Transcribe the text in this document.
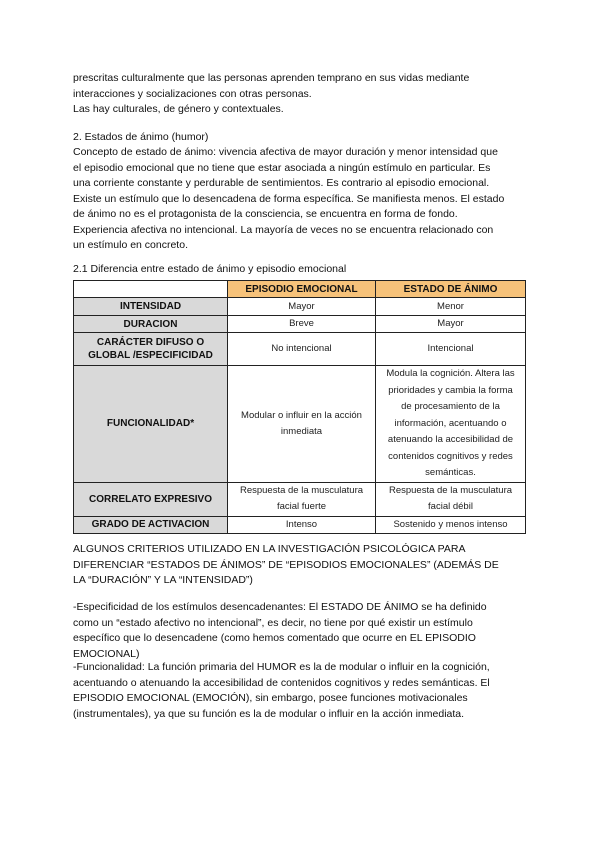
prescritas culturalmente que las personas aprenden temprano en sus vidas mediante
interacciones y socializaciones con otras personas.
Las hay culturales, de género y contextuales.
2. Estados de ánimo (humor)
Concepto de estado de ánimo: vivencia afectiva de mayor duración y menor intensidad que
el episodio emocional que no tiene que estar asociada a ningún estímulo en particular. Es
una corriente constante y perdurable de sentimientos. Es contrario al episodio emocional.
Existe un estímulo que lo desencadena de forma específica. Se manifiesta menos. El estado
de ánimo no es el protagonista de la consciencia, se encuentra en forma de fondo.
Experiencia afectiva no intencional. La mayoría de veces no se encuentra relacionado con
un estímulo en concreto.
2.1 Diferencia entre estado de ánimo y episodio emocional
	EPISODIO EMOCIONAL	ESTADO DE ÁNIMO
INTENSIDAD	Mayor	Menor
DURACION	Breve	Mayor
CARÁCTER DIFUSO O GLOBAL /ESPECIFICIDAD	No intencional	Intencional
FUNCIONALIDAD*	Modular o influir en la acción inmediata	Modula la cognición. Altera las prioridades y cambia la forma de procesamiento de la información, acentuando o atenuando la accesibilidad de contenidos cognitivos y redes semánticas.
CORRELATO EXPRESIVO	Respuesta de la musculatura facial fuerte	Respuesta de la musculatura facial débil
GRADO DE ACTIVACION	Intenso	Sostenido y menos intenso
ALGUNOS CRITERIOS UTILIZADO EN LA INVESTIGACIÓN PSICOLÓGICA PARA
DIFERENCIAR “ESTADOS DE ÁNIMOS” DE “EPISODIOS EMOCIONALES” (ADEMÁS DE
LA “DURACIÓN” Y LA “INTENSIDAD”)
-Especificidad de los estímulos desencadenantes: El ESTADO DE ÁNIMO se ha definido
como un “estado afectivo no intencional”, es decir, no tiene por qué existir un estímulo
específico que lo desencadene (como hemos comentado que ocurre en EL EPISODIO
EMOCIONAL)
-Funcionalidad: La función primaria del HUMOR es la de modular o influir en la cognición,
acentuando o atenuando la accesibilidad de contenidos cognitivos y redes semánticas. El
EPISODIO EMOCIONAL (EMOCIÓN), sin embargo, posee funciones motivacionales
(instrumentales), ya que su función es la de modular o influir en la acción inmediata.
